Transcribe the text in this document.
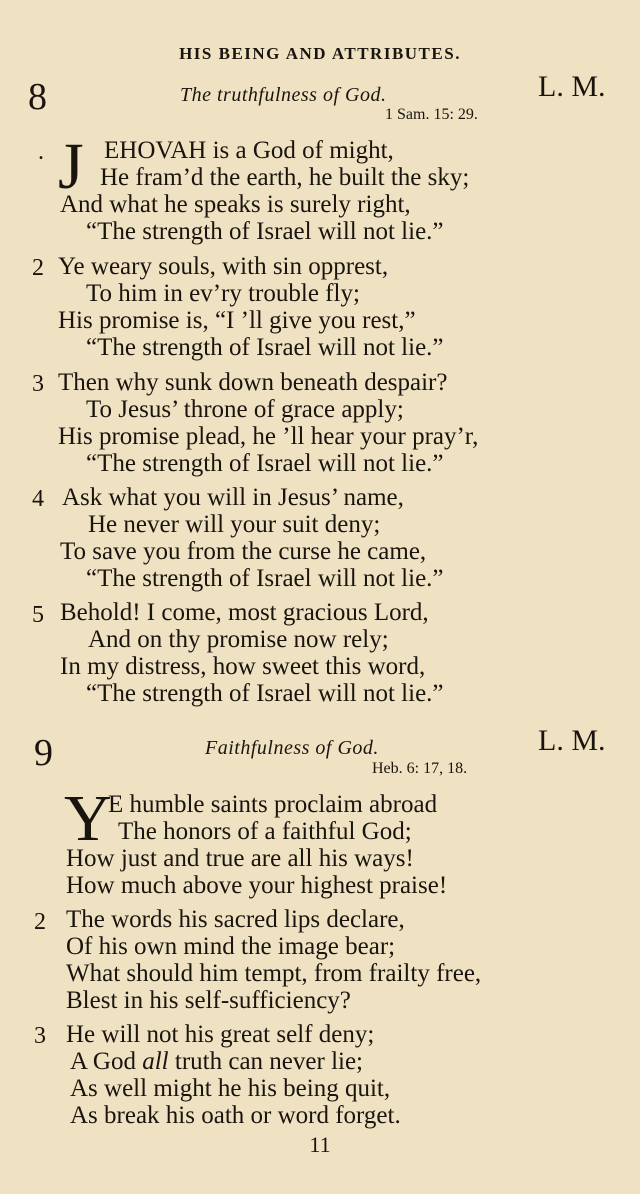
HIS BEING AND ATTRIBUTES.
8	The truthfulness of God.	L. M.
1 Sam. 15: 29.
. J EHOVAH is a God of might,
He fram’d the earth, he built the sky;
And what he speaks is surely right,
“The strength of Israel will not lie.”
2 Ye weary souls, with sin opprest,
To him in ev’ry trouble fly;
His promise is, “I ’ll give you rest,”
“The strength of Israel will not lie.”
3 Then why sunk down beneath despair?
To Jesus’ throne of grace apply;
His promise plead, he ’ll hear your pray’r,
“The strength of Israel will not lie.”
4 Ask what you will in Jesus’ name,
He never will your suit deny;
To save you from the curse he came,
“The strength of Israel will not lie.”
5 Behold! I come, most gracious Lord,
And on thy promise now rely;
In my distress, how sweet this word,
“The strength of Israel will not lie.”
9	Faithfulness of God.	L. M.
Heb. 6: 17, 18.
Y
E humble saints proclaim abroad
The honors of a faithful God;
How just and true are all his ways!
How much above your highest praise!
2 The words his sacred lips declare,
Of his own mind the image bear;
What should him tempt, from frailty free,
Blest in his self-sufficiency?
3 He will not his great self deny;
A God all truth can never lie;
As well might he his being quit,
As break his oath or word forget.
11
